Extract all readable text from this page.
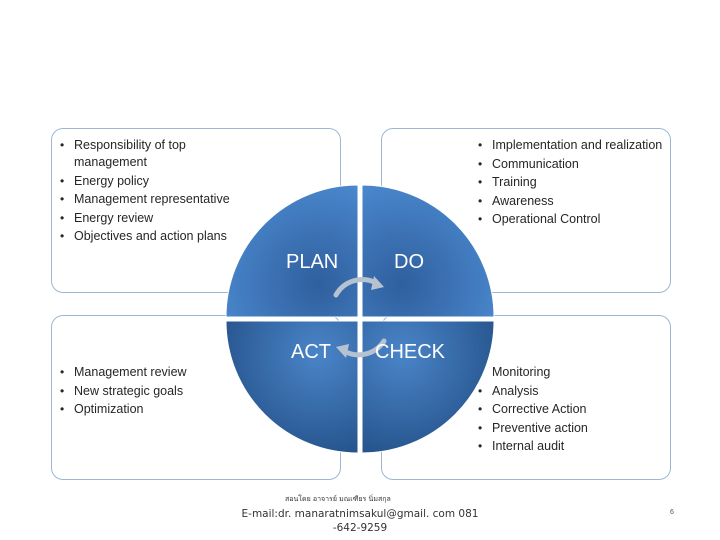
• Responsibility of top management
• Energy policy
• Management representative
• Energy review
• Objectives and action plans
• Implementation and realization
• Communication
• Training
• Awareness
• Operational Control
• Management review
• New strategic goals
• Optimization
• Monitoring
• Analysis
• Corrective Action
• Preventive action
• Internal audit
PLAN	DO
ACT CHECK
สอนโดย อาจารย์ มณเฑียร นิ่มสกุล
E-mail:dr. manaratnimsakul@gmail. com 081
-642-9259
6
